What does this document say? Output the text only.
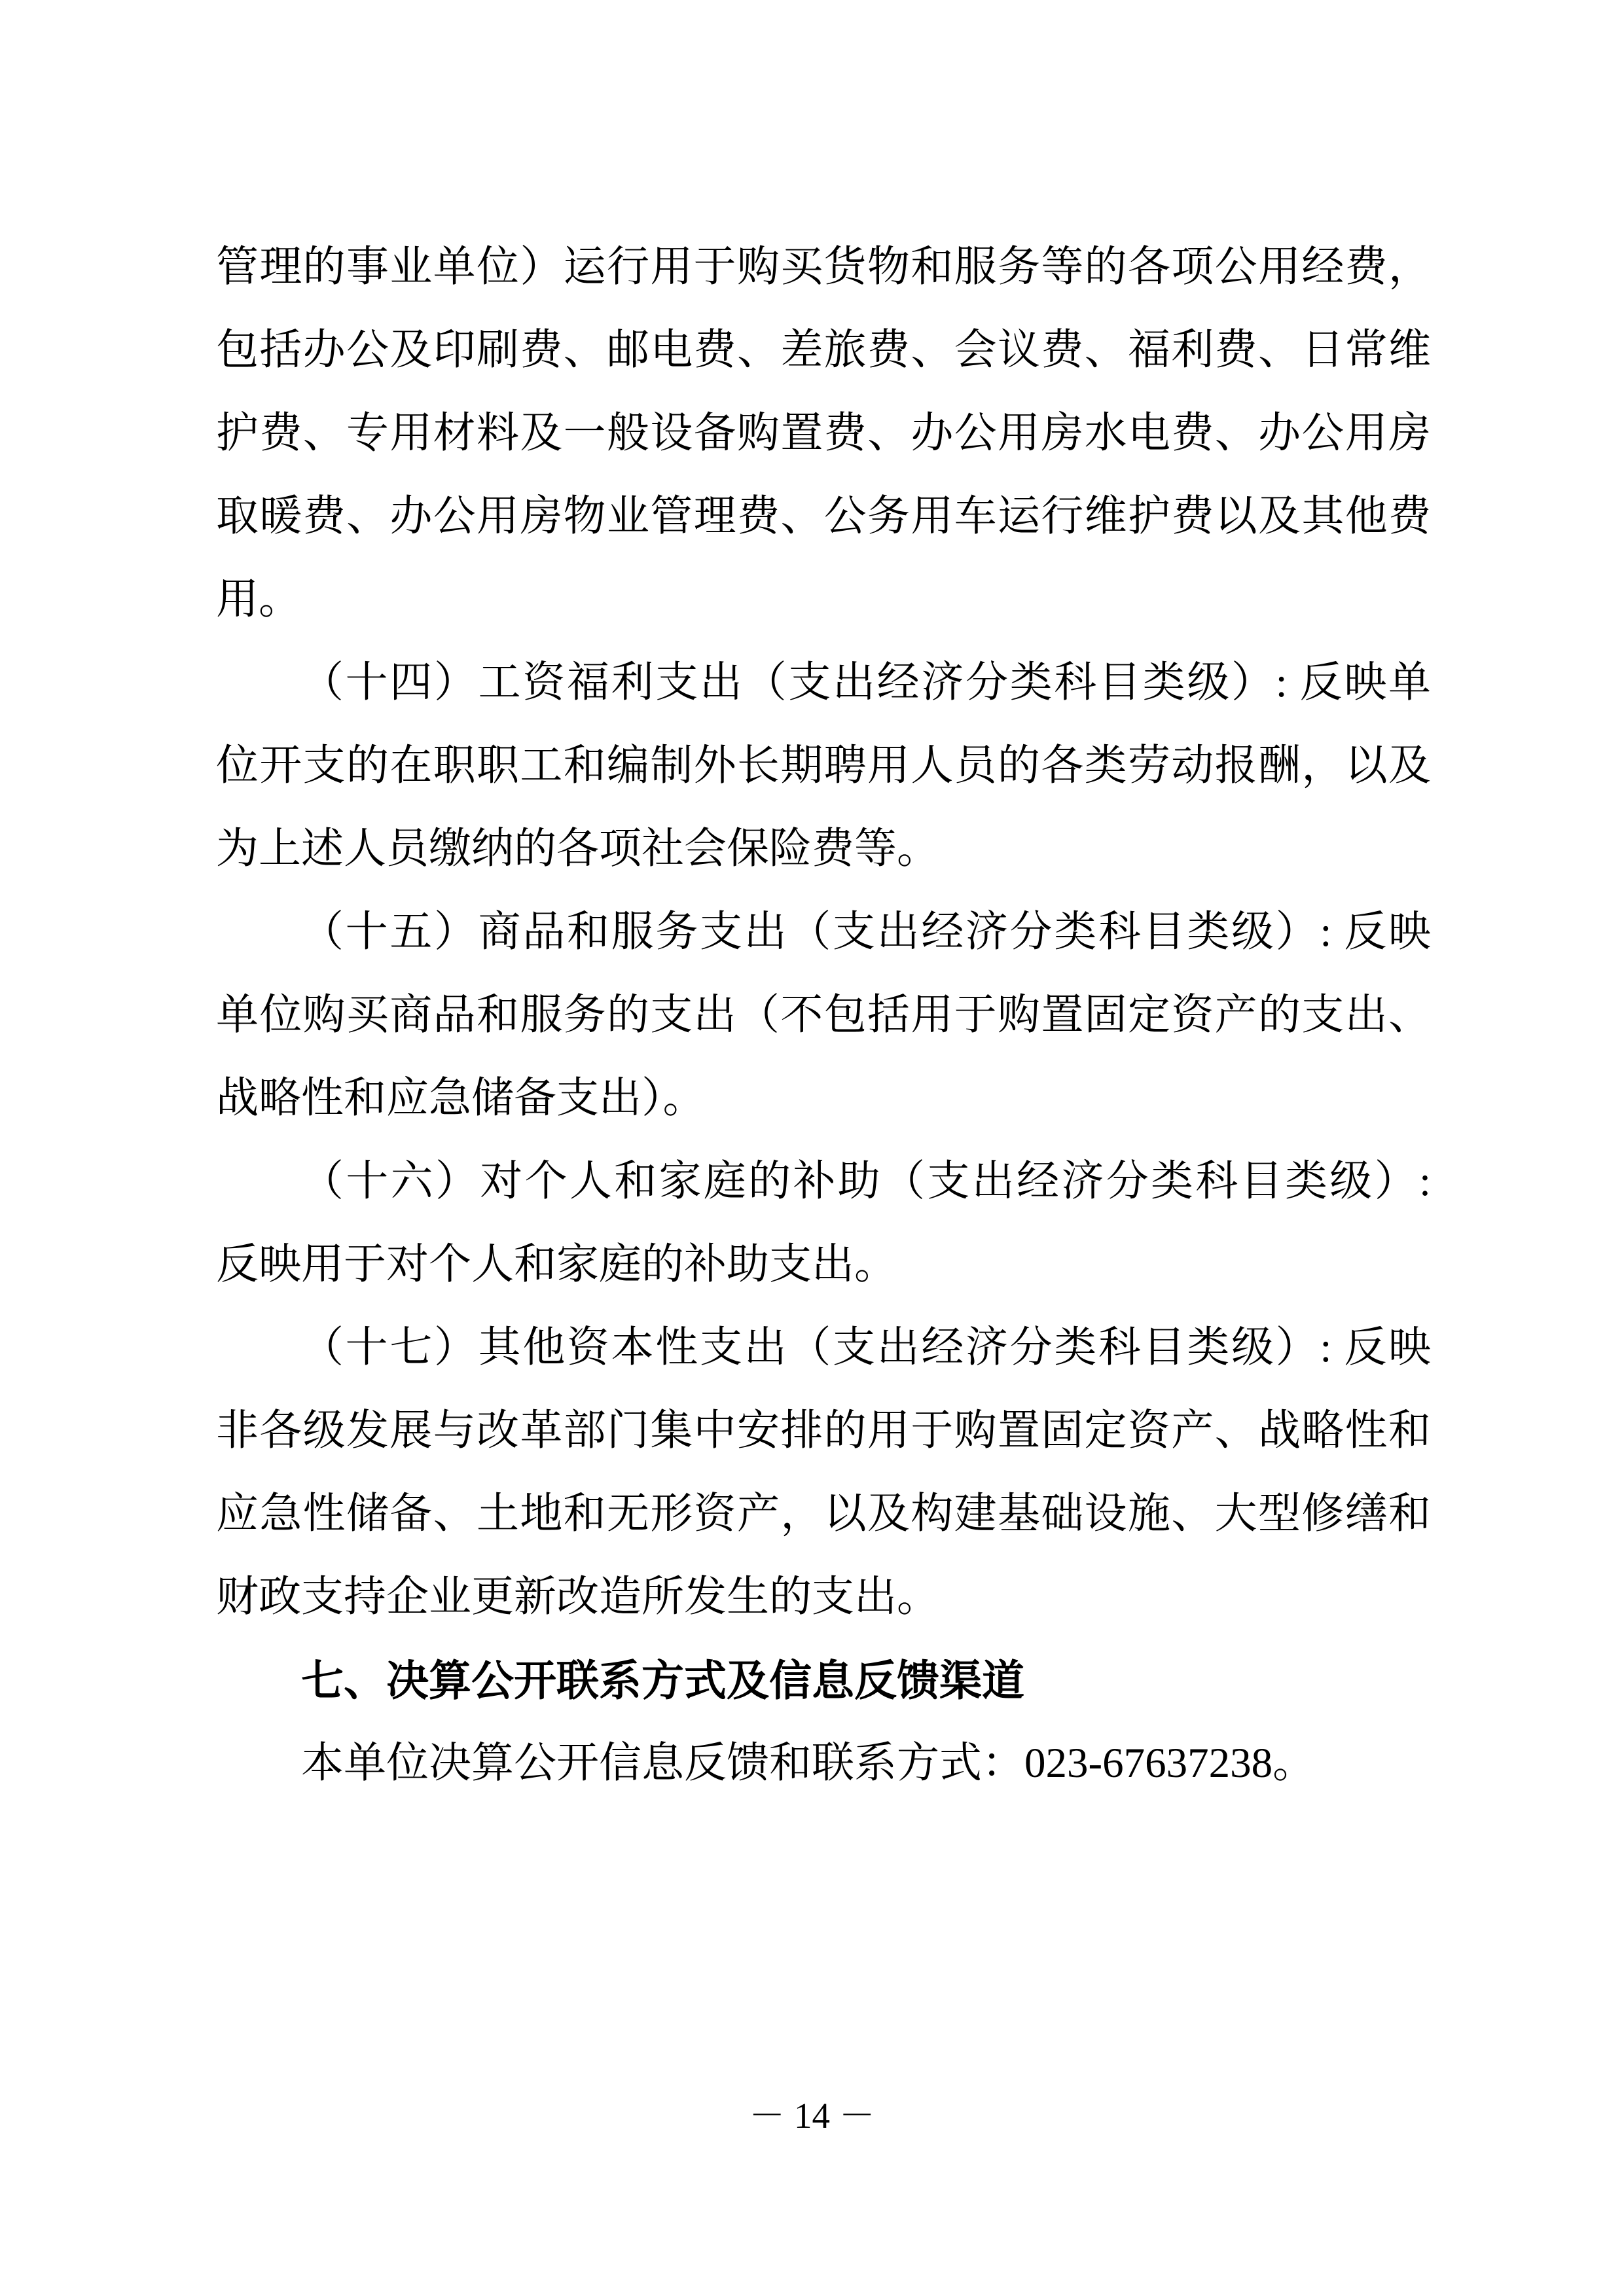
管理的事业单位）运行用于购买货物和服务等的各项公用经费，
包括办公及印刷费、邮电费、差旅费、会议费、福利费、日常维
护费、专用材料及一般设备购置费、办公用房水电费、办公用房
取暖费、办公用房物业管理费、公务用车运行维护费以及其他费
用。
（十四）工资福利支出（支出经济分类科目类级）: 反映单
位开支的在职职工和编制外长期聘用人员的各类劳动报酬，以及
为上述人员缴纳的各项社会保险费等。
（十五）商品和服务支出（支出经济分类科目类级）: 反映
单位购买商品和服务的支出（不包括用于购置固定资产的支出、
战略性和应急储备支出）。
（十六）对个人和家庭的补助（支出经济分类科目类级）:
反映用于对个人和家庭的补助支出。
（十七）其他资本性支出（支出经济分类科目类级）: 反映
非各级发展与改革部门集中安排的用于购置固定资产、战略性和
应急性储备、土地和无形资产，以及构建基础设施、大型修缮和
财政支持企业更新改造所发生的支出。
七、决算公开联系方式及信息反馈渠道
本单位决算公开信息反馈和联系方式：023-67637238。
－ 14 －
